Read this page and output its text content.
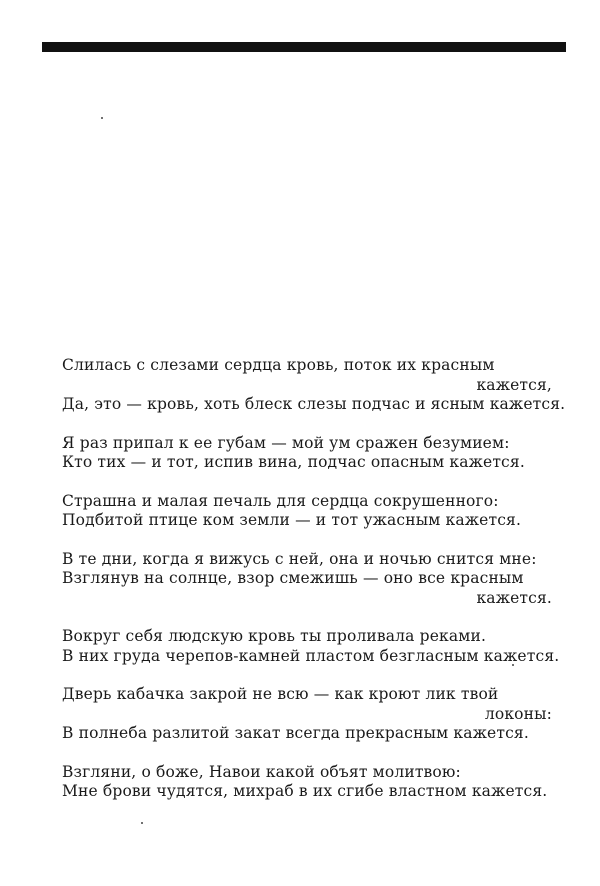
Слилась с слезами сердца кровь, поток их красным
кажется,
Да, это — кровь, хоть блеск слезы подчас и ясным кажется.
Я раз припал к ее губам — мой ум сражен безумием:
Кто тих — и тот, испив вина, подчас опасным кажется.
Страшна и малая печаль для сердца сокрушенного:
Подбитой птице ком земли — и тот ужасным кажется.
В те дни, когда я вижусь с ней, она и ночью снится мне:
Взглянув на солнце, взор смежишь — оно все красным
кажется.
Вокруг себя людскую кровь ты проливала реками.
В них груда черепов-камней пластом безгласным кажется.
Дверь кабачка закрой не всю — как кроют лик твой
локоны:
В полнеба разлитой закат всегда прекрасным кажется.
Взгляни, о боже, Навои какой объят молитвою:
Мне брови чудятся, михраб в их сгибе властном кажется.
